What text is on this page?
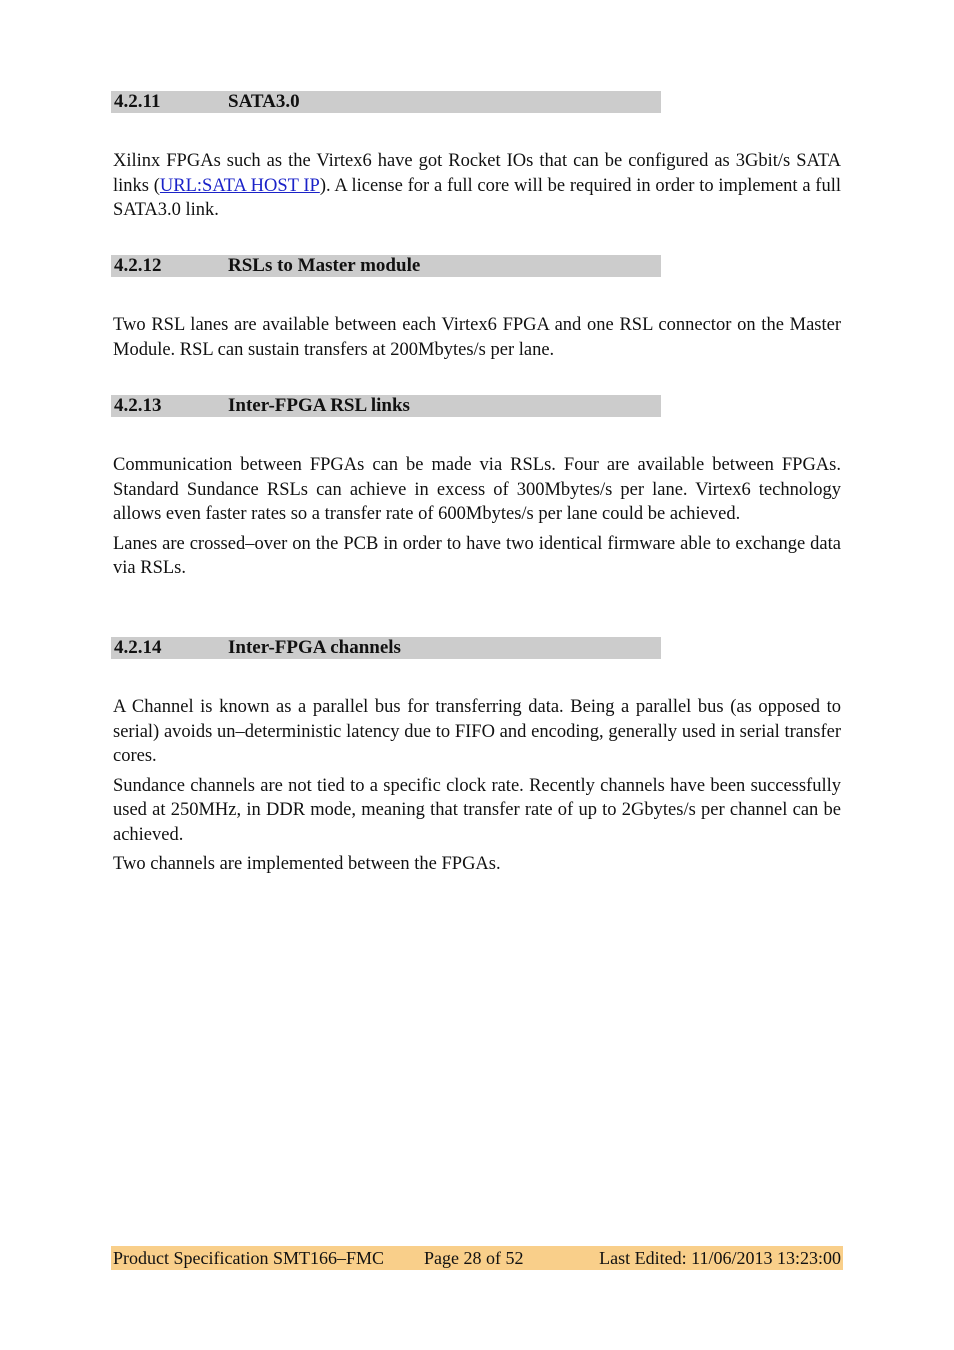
4.2.11	SATA3.0

Xilinx FPGAs such as the Virtex6 have got Rocket IOs that can be configured as 3Gbit/s SATA links (URL:SATA HOST IP). A license for a full core will be required in order to implement a full SATA3.0 link.

4.2.12	RSLs to Master module

Two RSL lanes are available between each Virtex6 FPGA and one RSL connector on the Master Module. RSL can sustain transfers at 200Mbytes/s per lane.

4.2.13	Inter-FPGA RSL links

Communication between FPGAs can be made via RSLs. Four are available between FPGAs. Standard Sundance RSLs can achieve in excess of 300Mbytes/s per lane. Virtex6 technology allows even faster rates so a transfer rate of 600Mbytes/s per lane could be achieved.

Lanes are crossed–over on the PCB in order to have two identical firmware able to exchange data via RSLs.

4.2.14	Inter-FPGA channels

A Channel is known as a parallel bus for transferring data. Being a parallel bus (as opposed to serial) avoids un–deterministic latency due to FIFO and encoding, generally used in serial transfer cores.

Sundance channels are not tied to a specific clock rate. Recently channels have been successfully used at 250MHz, in DDR mode, meaning that transfer rate of up to 2Gbytes/s per channel can be achieved.

Two channels are implemented between the FPGAs.

Product Specification SMT166–FMC Page 28 of 52	Last Edited: 11/06/2013 13:23:00
